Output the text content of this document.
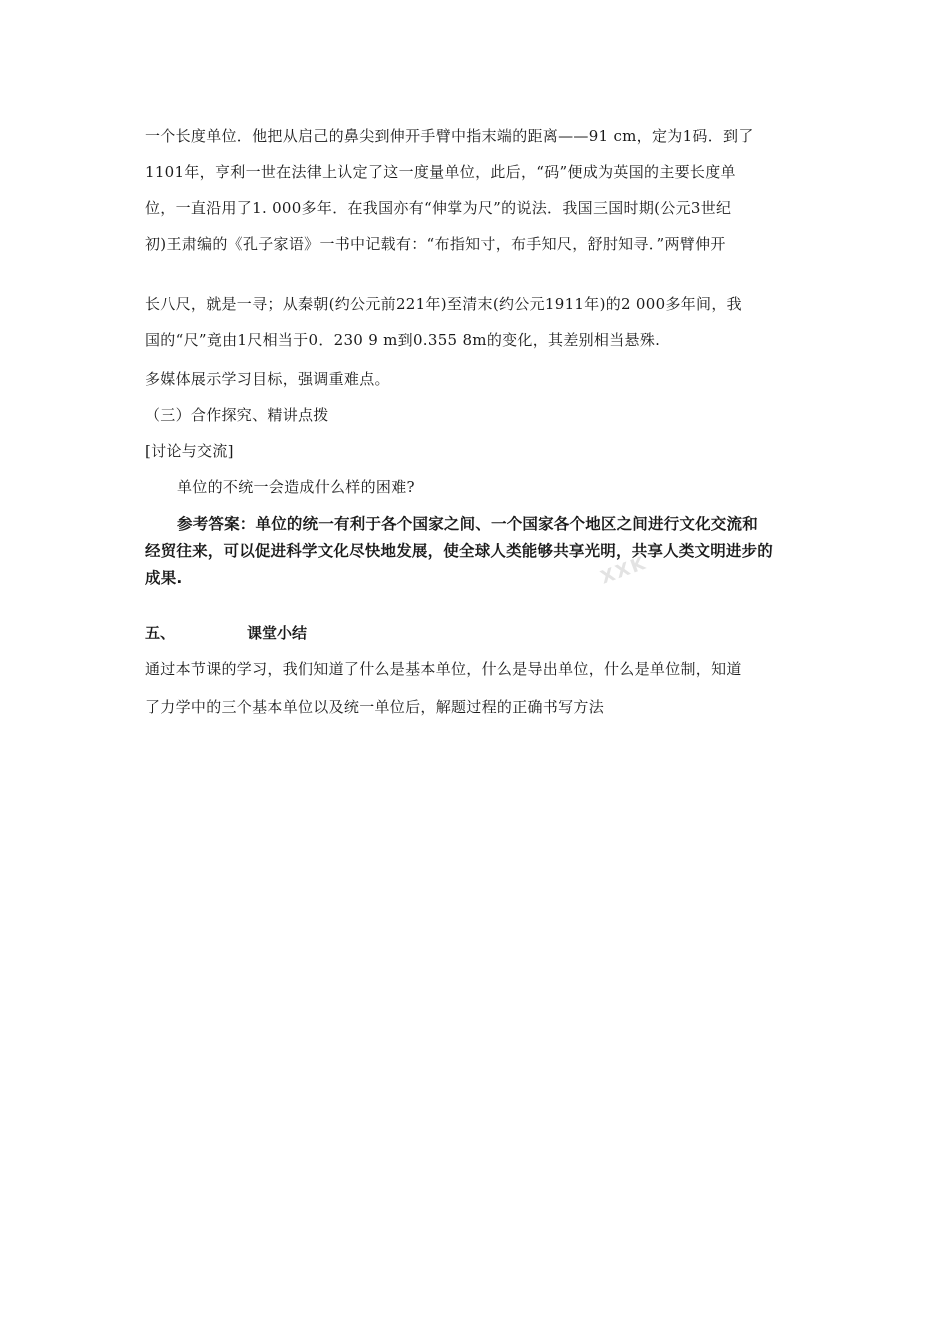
一个长度单位．他把从启己的鼻尖到伸开手臂中指末端的距离——91 cm，定为1码．到了
1101年，亨利一世在法律上认定了这一度量单位，此后，“码”便成为英国的主要长度单
位，一直沿用了1. 000多年．在我国亦有“伸掌为尺”的说法．我国三国时期(公元3世纪
初)王肃编的《孔子家语》一书中记载有：“布指知寸，布手知尺，舒肘知寻．”两臂伸开
长八尺，就是一寻；从秦朝(约公元前221年)至清末(约公元1911年)的2 000多年间，我
国的“尺”竟由1尺相当于0．230 9 m到0.355 8m的变化，其差别相当悬殊.
多媒体展示学习目标，强调重难点。
（三）合作探究、精讲点拨
[讨论与交流]
单位的不统一会造成什么样的困难?
XXK
参考答案：单位的统一有利于各个国家之间、一个国家各个地区之间进行文化交流和
经贸往来，可以促进科学文化尽快地发展，使全球人类能够共享光明，共享人类文明进步的
成果.
五、	课堂小结
通过本节课的学习，我们知道了什么是基本单位，什么是导出单位，什么是单位制，知道
了力学中的三个基本单位以及统一单位后，解题过程的正确书写方法
